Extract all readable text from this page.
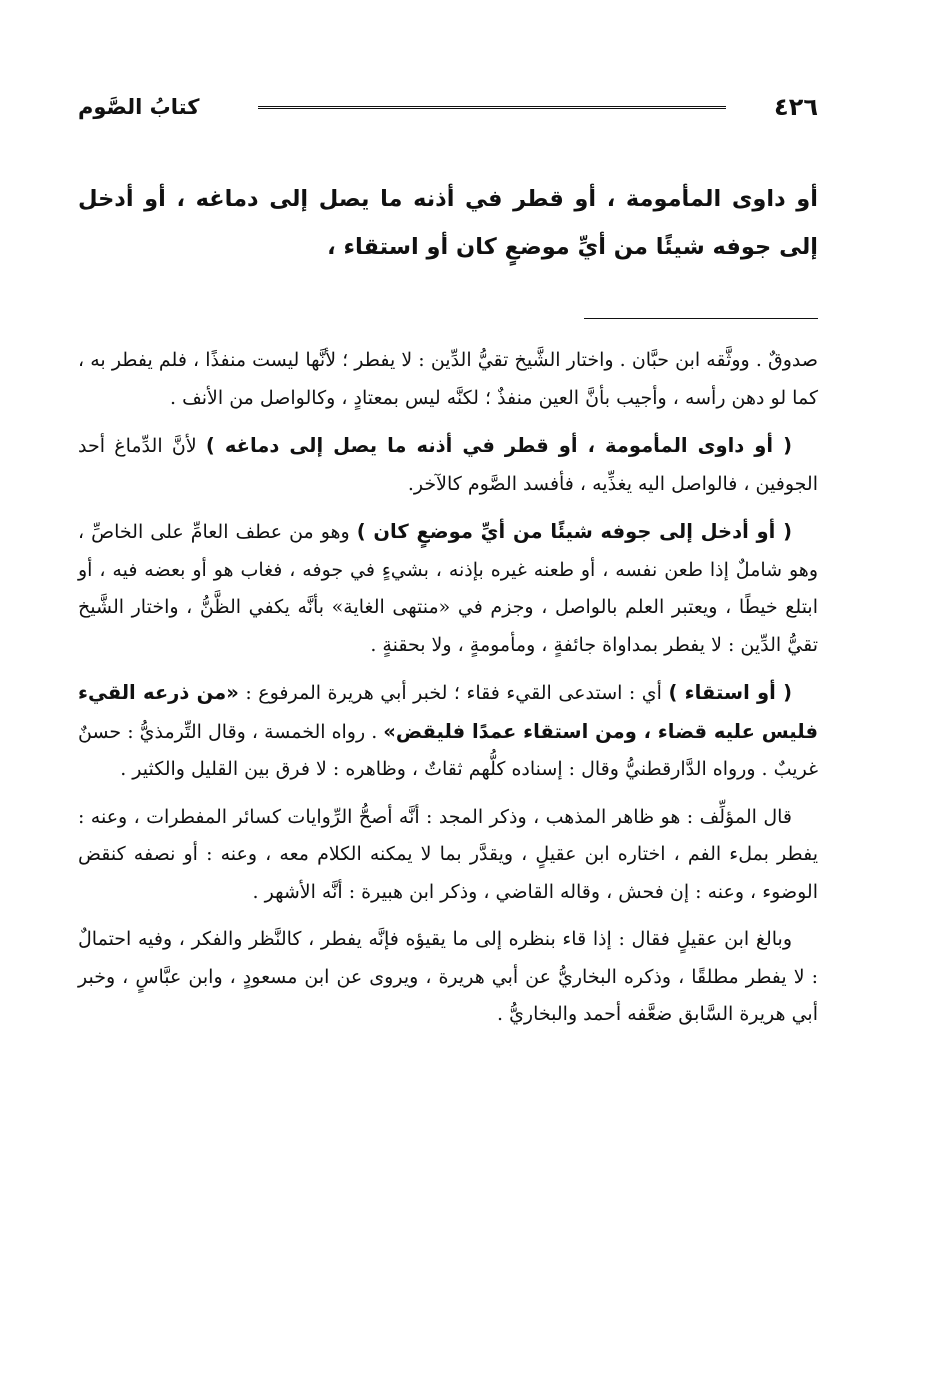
٤٢٦
كتابُ الصَّوم

أو داوى المأمومة ، أو قطر في أذنه ما يصل إلى دماغه ، أو أدخل إلى جوفه شيئًا من أيِّ موضعٍ كان أو استقاء ،

صدوقٌ . ووثَّقه ابن حبَّان . واختار الشَّيخ تقيُّ الدِّين : لا يفطر ؛ لأنَّها ليست منفذًا ، فلم يفطر به ، كما لو دهن رأسه ، وأجيب بأنَّ العين منفذٌ ؛ لكنَّه ليس بمعتادٍ ، وكالواصل من الأنف .

( أو داوى المأمومة ، أو قطر في أذنه ما يصل إلى دماغه ) لأنَّ الدِّماغ أحد الجوفين ، فالواصل اليه يغذِّيه ، فأفسد الصَّوم كالآخر.

( أو أدخل إلى جوفه شيئًا من أيِّ موضعٍ كان ) وهو من عطف العامِّ على الخاصِّ ، وهو شاملٌ إذا طعن نفسه ، أو طعنه غيره بإذنه ، بشيءٍ في جوفه ، فغاب هو أو بعضه فيه ، أو ابتلع خيطًا ، ويعتبر العلم بالواصل ، وجزم في «منتهى الغاية» بأنَّه يكفي الظَّنُّ ، واختار الشَّيخ تقيُّ الدِّين : لا يفطر بمداواة جائفةٍ ، ومأمومةٍ ، ولا بحقنةٍ .

( أو استقاء ) أي : استدعى القيء فقاء ؛ لخبر أبي هريرة المرفوع : «من ذرعه القيء فليس عليه قضاء ، ومن استقاء عمدًا فليقض» . رواه الخمسة ، وقال التِّرمذيُّ : حسنٌ غريبٌ . ورواه الدَّارقطنيُّ وقال : إسناده كلُّهم ثقاتٌ ، وظاهره : لا فرق بين القليل والكثير .

قال المؤلِّف : هو ظاهر المذهب ، وذكر المجد : أنَّه أصحُّ الرِّوايات كسائر المفطرات ، وعنه : يفطر بملء الفم ، اختاره ابن عقيلٍ ، ويقدَّر بما لا يمكنه الكلام معه ، وعنه : أو نصفه كنقض الوضوء ، وعنه : إن فحش ، وقاله القاضي ، وذكر ابن هبيرة : أنَّه الأشهر .

وبالغ ابن عقيلٍ فقال : إذا قاء بنظره إلى ما يقيؤه فإنَّه يفطر ، كالنَّظر والفكر ، وفيه احتمالٌ : لا يفطر مطلقًا ، وذكره البخاريُّ عن أبي هريرة ، ويروى عن ابن مسعودٍ ، وابن عبَّاسٍ ، وخبر أبي هريرة السَّابق ضعَّفه أحمد والبخاريُّ .
